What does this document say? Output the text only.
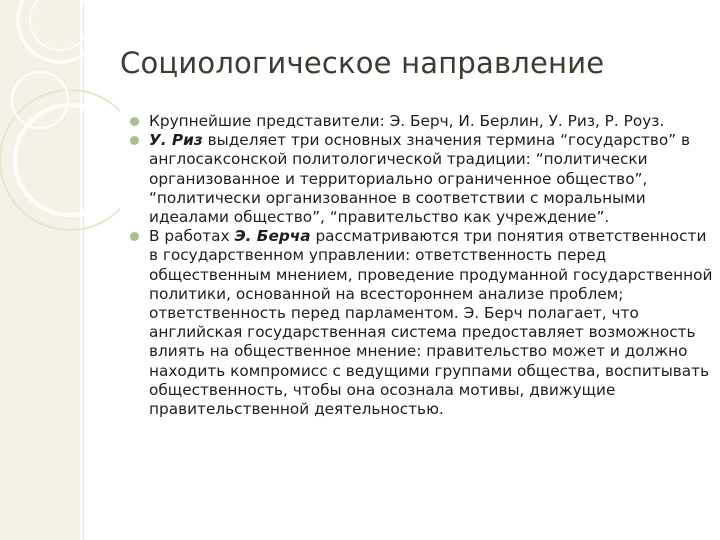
Социологическое направление
Крупнейшие представители: Э. Берч, И. Берлин, У. Риз, Р. Роуз.
У. Риз выделяет три основных значения термина “государство” в англосаксонской политологической традиции: “политически организованное и территориально ограниченное общество”, “политически организованное в соответствии с моральными идеалами общество”, “правительство как учреждение”.
В работах Э. Берча рассматриваются три понятия ответственности в государственном управлении: ответственность перед общественным мнением, проведение продуманной государственной политики, основанной на всестороннем анализе проблем; ответственность перед парламентом. Э. Берч полагает, что английская государственная система предоставляет возможность влиять на общественное мнение: правительство может и должно находить компромисс с ведущими группами общества, воспитывать общественность, чтобы она осознала мотивы, движущие правительственной деятельностью.
